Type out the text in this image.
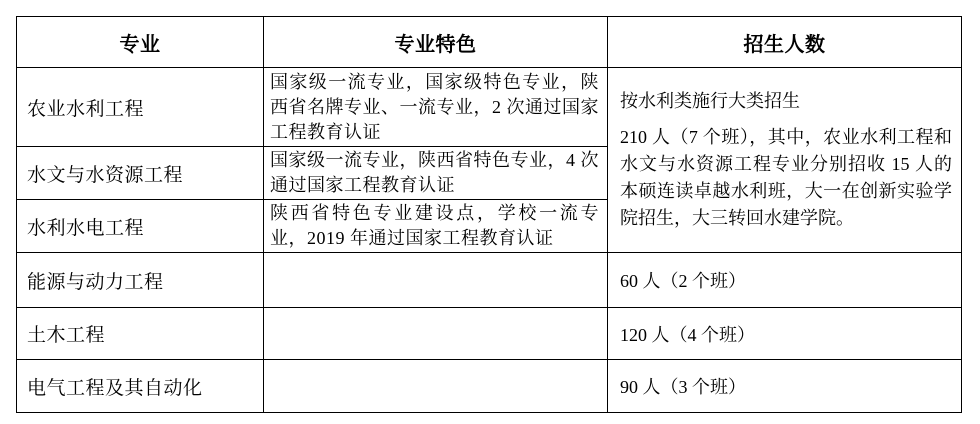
专业	专业特色	招生人数
农业水利工程	国家级一流专业，国家级特色专业，陕西省名牌专业、一流专业，2 次通过国家工程教育认证	按水利类施行大类招生

210 人（7 个班），其中，农业水利工程和水文与水资源工程专业分别招收 15 人的本硕连读卓越水利班，大一在创新实验学院招生，大三转回水建学院。

水文与水资源工程	国家级一流专业，陕西省特色专业，4 次通过国家工程教育认证	
水利水电工程	陕西省特色专业建设点，学校一流专业，2019 年通过国家工程教育认证	
能源与动力工程		60 人（2 个班）
土木工程		120 人（4 个班）
电气工程及其自动化		90 人（3 个班）
